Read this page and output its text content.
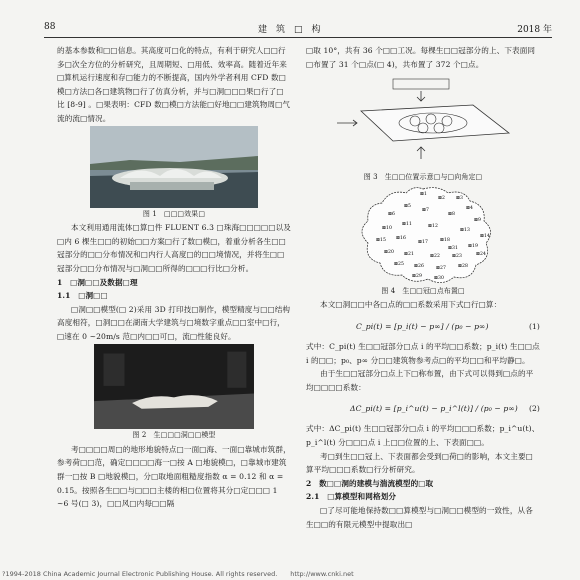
88	建　筑　□　构	2018 年

的基本参数和□□信息。其高度可□化的特点，有利于研究人□□行多□次全方位的分析研究，且周期短、□用低、效率高。随着近年来□算机运行速度和存□能力的不断提高，国内外学者利用 CFD 数□模□方法□各□建筑物□行了仿真分析，并与□洞□□□果□行了□比 [8-9] 。□果表明：CFD 数□模□方法能□好地□□建筑物周□气流的流□情况。

图 1　□□□效果□

本文利用通用流体□算□件 FLUENT 6.3 □珠海□□□□□以及□内 6 棵生□□的初始□□方案□行了数□模□，着重分析各生□□冠部分的□□分布情况和□内行人高度□的□□境情况，并将生□□冠部分□□分布情况与□洞□□所得的□□□行比□分析。

1　□洞□□及数据□理

1.1　□洞□□

□洞□□模型(□ 2)采用 3D 打印技□制作，模型精度与□□结构高度相符，□洞□□在湖南大学建筑与□境数字重点□□室中□行，□速在 0 ~20m/s 范□内□□可□，流□性能良好。

图 2　生□□□洞□□模型

考□□□□周□的地形地貌特点□一面□海、一面□靠城市筑群，参考荷□□范，确定□□□□海一□按 A □地貌模□，□靠城市建筑群一□按 B □地貌模□，分□取地面粗糙度指数 α = 0.12 和 α = 0.15。按照各生□□与□□□主楼的相□位置将其分□定□□□ 1 ~6 号(□ 3)，□□风□内每□□隔

□取 10°，共有 36 个□□工况。每棵生□□冠部分的上、下表面同□布置了 31 个□点(□ 4)，共布置了 372 个□点。

图 3　生□□位置示意□与□向角定□

⊠1
⊠2 ⊠3
⊠4
⊠5
⊠6
⊠7
⊠8
⊠9
⊠10
⊠11	⊠12
⊠13
⊠14
⊠15 ⊠16
⊠17	⊠18
⊠19
⊠20 ⊠21	⊠22	⊠23	⊠24
⊠25 ⊠26	⊠27	⊠28
⊠29	⊠30
⊠31

图 4　生□□冠□点布置□

本文□洞□□中各□点的□□系数采用下式□行□算：

C_pi(t) = [p_i(t) − p∞] / (p₀ − p∞)	(1)

式中：C_pi(t) 生□□冠部分□点 i 的平均□□系数；p_i(t) 生□□点 i 的□□；p₀、p∞ 分□□建筑物参考点□的平均□□和平均静□。

由于生□□冠部分□点上下□称布置，由下式可以得到□点的平均□□□□系数：

ΔC_pi(t) = [p_i^u(t) − p_i^l(t)] / (p₀ − p∞) (2)

式中：ΔC_pi(t) 生□□冠部分□点 i 的平均□□□系数；p_i^u(t)、p_i^l(t) 分□□□点 i 上□□位置的上、下表面□□。

考□到生□□冠上、下表面都会受到□荷□的影响，本文主要□算平均□□□系数□行分析研究。

2　数□□洞的建模与湍流模型的□取

2.1　□算模型和网格划分

□了尽可能地保持数□□算模型与□洞□□模型的一致性，从各生□□的有限元模型中提取出□

?1994-2018 China Academic Journal Electronic Publishing House. All rights reserved.　　http://www.cnki.net
